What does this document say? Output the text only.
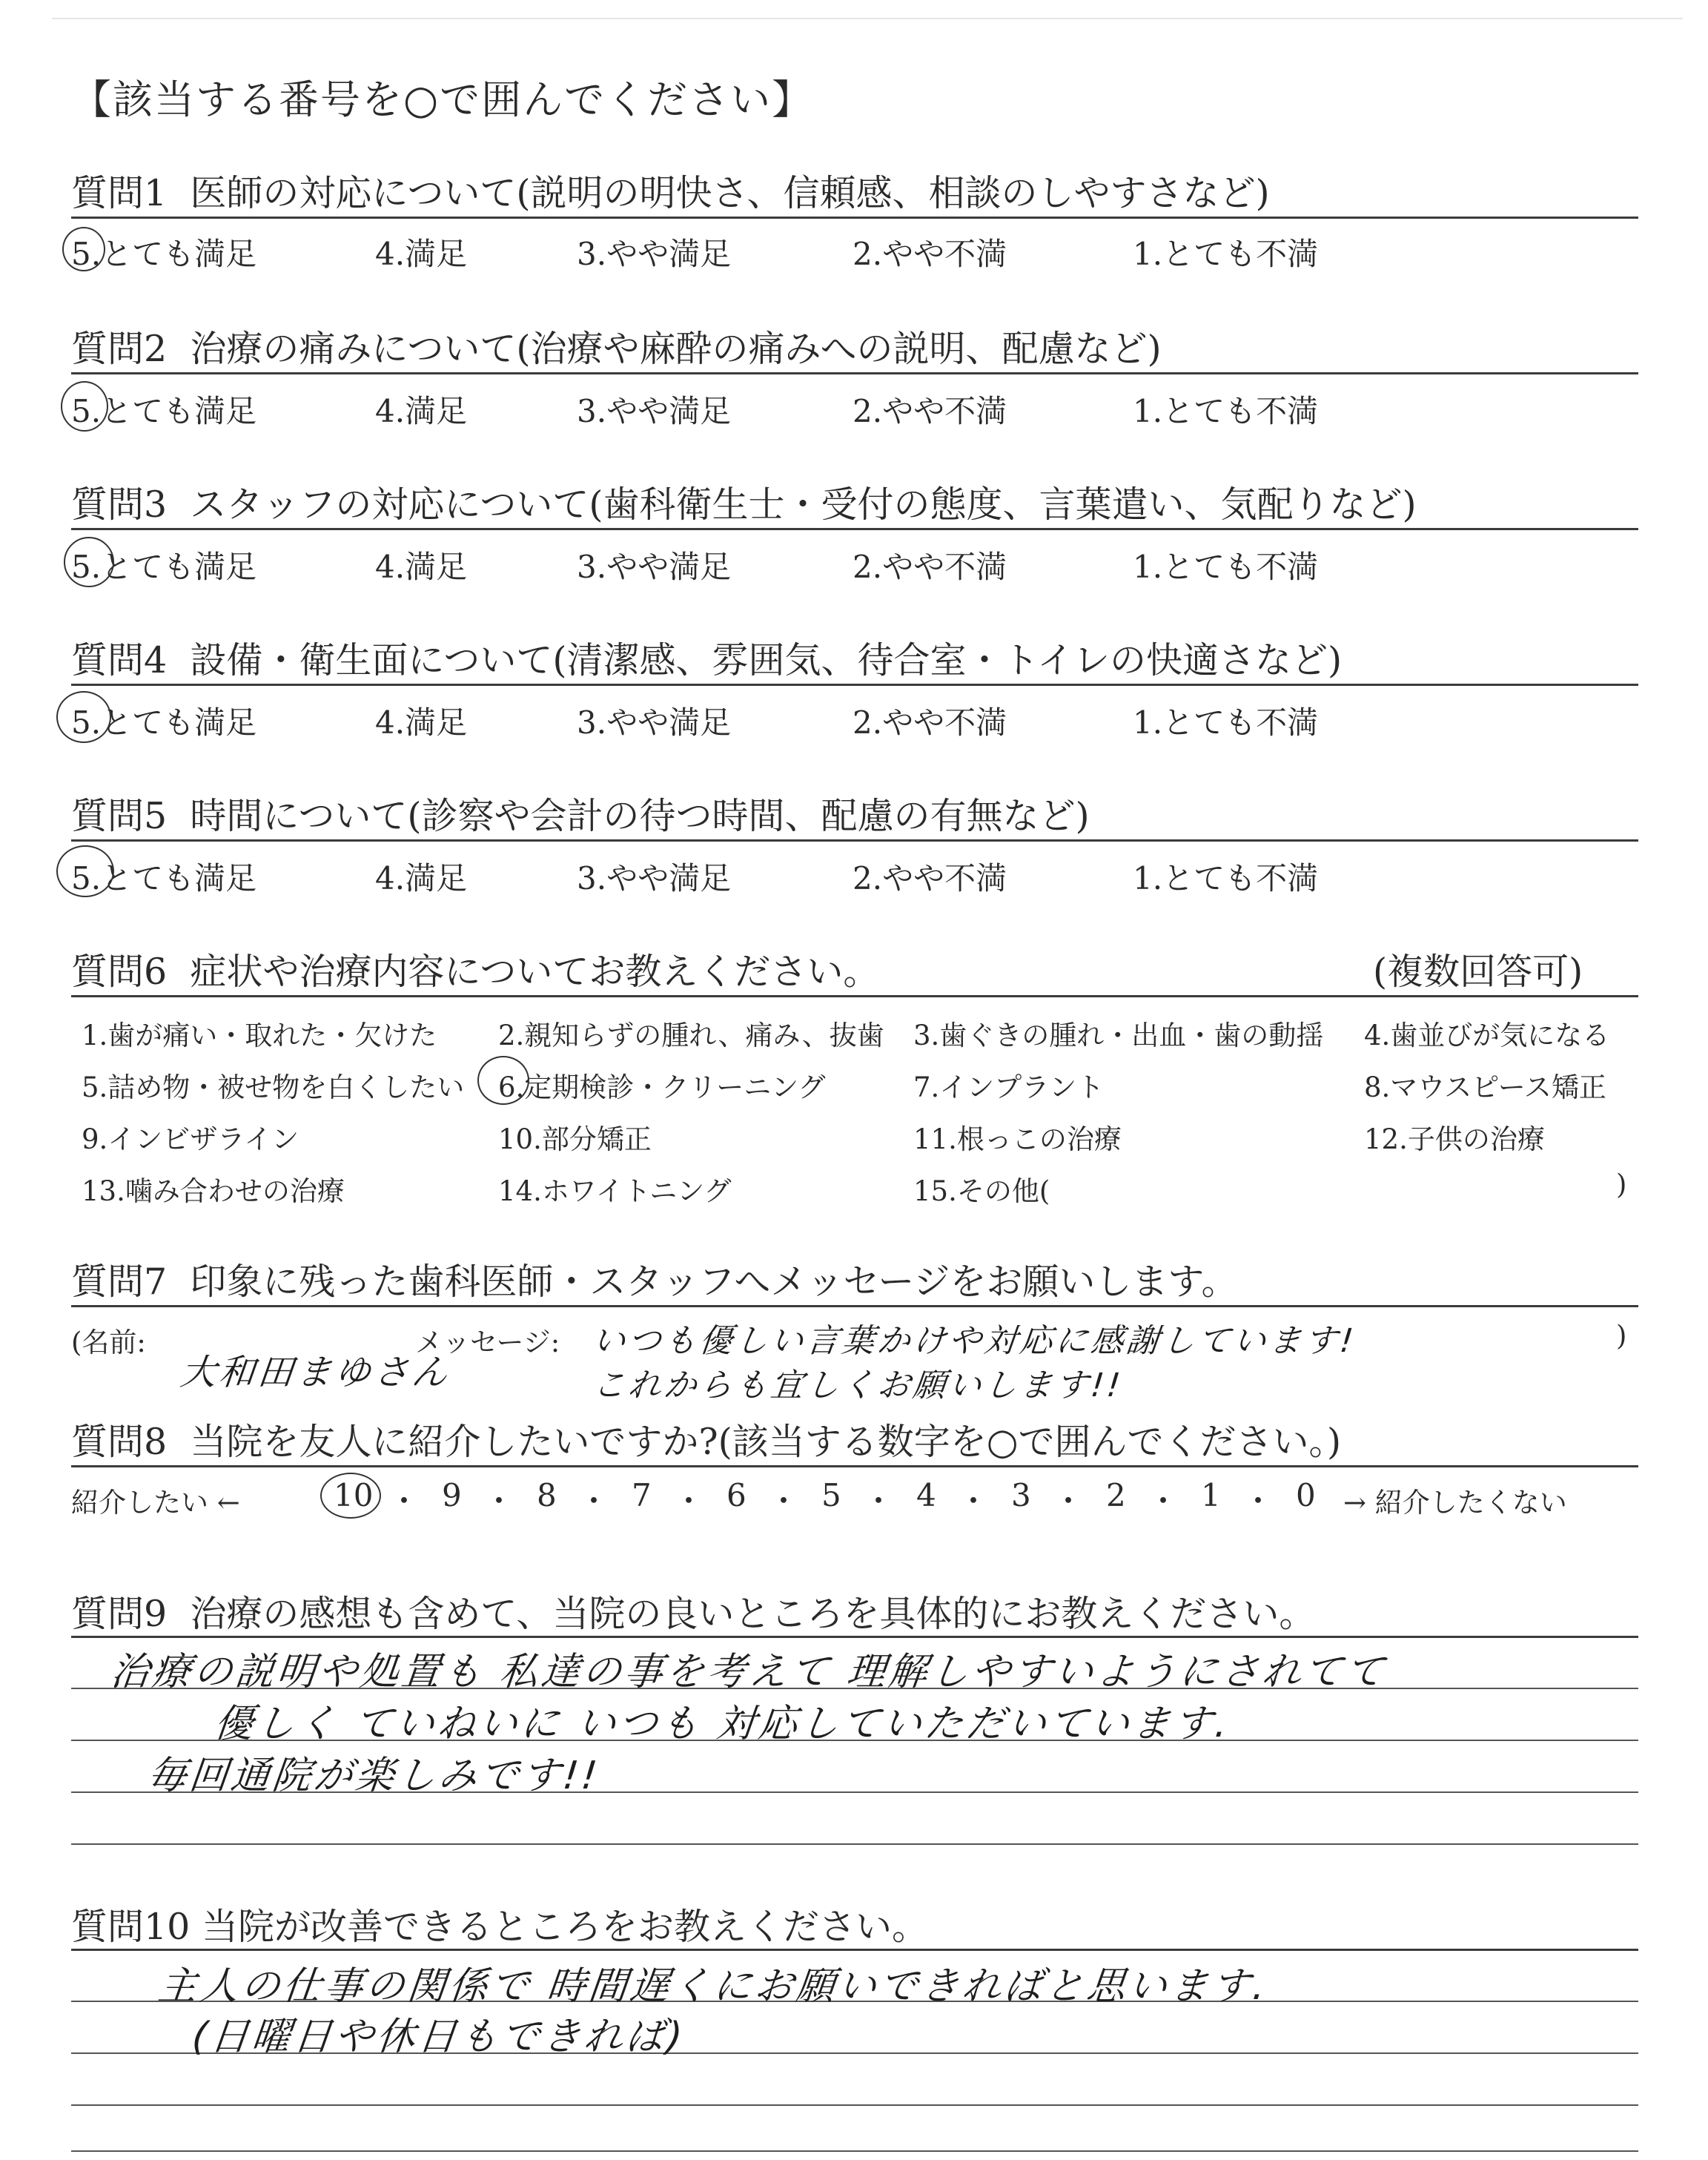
【該当する番号を○で囲んでください】
質問1 医師の対応について(説明の明快さ、信頼感、相談のしやすさなど)
5.とても満足	4.満足	3.やや満足	2.やや不満	1.とても不満
質問2 治療の痛みについて(治療や麻酔の痛みへの説明、配慮など)
5.とても満足	4.満足	3.やや満足	2.やや不満	1.とても不満
質問3 スタッフの対応について(歯科衛生士・受付の態度、言葉遣い、気配りなど)
5.とても満足	4.満足	3.やや満足	2.やや不満	1.とても不満
質問4 設備・衛生面について(清潔感、雰囲気、待合室・トイレの快適さなど)
5.とても満足	4.満足	3.やや満足	2.やや不満	1.とても不満
質問5 時間について(診察や会計の待つ時間、配慮の有無など)
5.とても満足	4.満足	3.やや満足	2.やや不満	1.とても不満
質問6 症状や治療内容についてお教えください。	(複数回答可)
1.歯が痛い・取れた・欠けた 2.親知らずの腫れ、痛み、抜歯 3.歯ぐきの腫れ・出血・歯の動揺 4.歯並びが気になる
5.詰め物・被せ物を白くしたい 6.定期検診・クリーニング	7.インプラント	8.マウスピース矯正
9.インビザライン	10.部分矯正	11.根っこの治療	12.子供の治療
13.噛み合わせの治療	14.ホワイトニング	15.その他(	)
質問7 印象に残った歯科医師・スタッフへメッセージをお願いします。
(名前:	メッセージ:	)
大和田まゆさん
いつも優しい言葉かけや対応に感謝しています!
これからも宜しくお願いします!!
質問8 当院を友人に紹介したいですか?(該当する数字を○で囲んでください。)
紹介したい ←	10 ・ 9 ・ 8 ・ 7 ・ 6 ・ 5 ・ 4 ・ 3 ・ 2 ・ 1 ・ 0 → 紹介したくない
質問9 治療の感想も含めて、当院の良いところを具体的にお教えください。
治療の説明や処置も 私達の事を考えて 理解しやすいようにされてて
優しく ていねいに いつも 対応していただいています.
毎回通院が楽しみです!!
質問10 当院が改善できるところをお教えください。
主人の仕事の関係で 時間遅くにお願いできればと思います.
(日曜日や休日もできれば)
